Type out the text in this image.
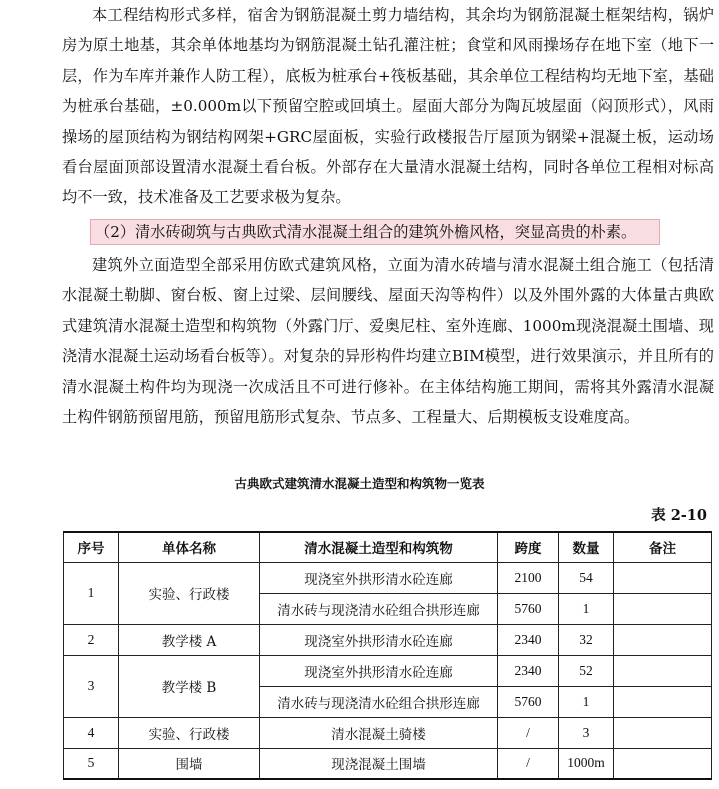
本工程结构形式多样，宿舍为钢筋混凝土剪力墙结构，其余均为钢筋混凝土框架结构，锅炉房为原土地基，其余单体地基均为钢筋混凝土钻孔灌注桩；食堂和风雨操场存在地下室（地下一层，作为车库并兼作人防工程），底板为桩承台+筏板基础，其余单位工程结构均无地下室，基础为桩承台基础，±0.000m以下预留空腔或回填土。屋面大部分为陶瓦坡屋面（闷顶形式），风雨操场的屋顶结构为钢结构网架+GRC屋面板，实验行政楼报告厅屋顶为钢梁+混凝土板，运动场看台屋面顶部设置清水混凝土看台板。外部存在大量清水混凝土结构，同时各单位工程相对标高均不一致，技术准备及工艺要求极为复杂。

（2）清水砖砌筑与古典欧式清水混凝土组合的建筑外檐风格，突显高贵的朴素。

建筑外立面造型全部采用仿欧式建筑风格，立面为清水砖墙与清水混凝土组合施工（包括清水混凝土勒脚、窗台板、窗上过梁、层间腰线、屋面天沟等构件）以及外围外露的大体量古典欧式建筑清水混凝土造型和构筑物（外露门厅、爱奥尼柱、室外连廊、1000m现浇混凝土围墙、现浇清水混凝土运动场看台板等）。对复杂的异形构件均建立BIM模型，进行效果演示，并且所有的清水混凝土构件均为现浇一次成活且不可进行修补。在主体结构施工期间，需将其外露清水混凝土构件钢筋预留甩筋，预留甩筋形式复杂、节点多、工程量大、后期模板支设难度高。

古典欧式建筑清水混凝土造型和构筑物一览表
表 2-10
序号	单体名称	清水混凝土造型和构筑物	跨度	数量	备注
1	实验、行政楼	现浇室外拱形清水砼连廊	2100	54	
		清水砖与现浇清水砼组合拱形连廊	5760	1	
2	教学楼 A	现浇室外拱形清水砼连廊	2340	32	
3	教学楼 B	现浇室外拱形清水砼连廊	2340	52	
		清水砖与现浇清水砼组合拱形连廊	5760	1	
4	实验、行政楼	清水混凝土骑楼	/	3	
5	围墙	现浇混凝土围墙	/	1000m	
